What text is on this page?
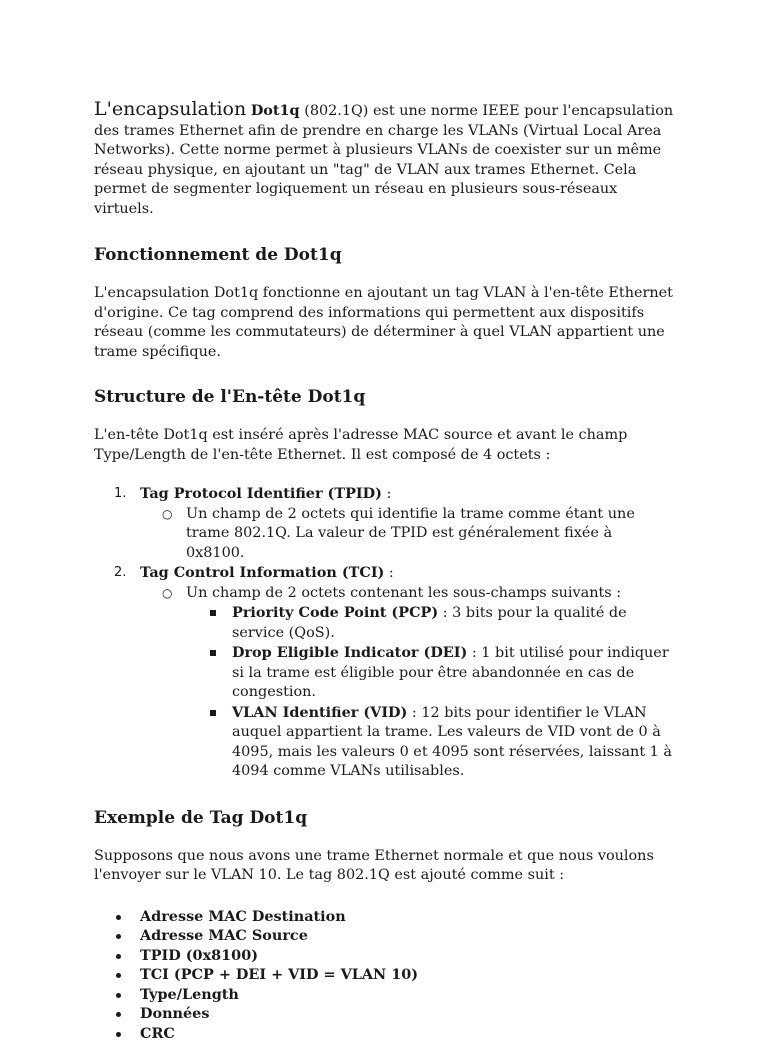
L'encapsulation Dot1q (802.1Q) est une norme IEEE pour l'encapsulation des trames Ethernet afin de prendre en charge les VLANs (Virtual Local Area Networks). Cette norme permet à plusieurs VLANs de coexister sur un même réseau physique, en ajoutant un "tag" de VLAN aux trames Ethernet. Cela permet de segmenter logiquement un réseau en plusieurs sous-réseaux virtuels.

Fonctionnement de Dot1q

L'encapsulation Dot1q fonctionne en ajoutant un tag VLAN à l'en-tête Ethernet d'origine. Ce tag comprend des informations qui permettent aux dispositifs réseau (comme les commutateurs) de déterminer à quel VLAN appartient une trame spécifique.

Structure de l'En-tête Dot1q

L'en-tête Dot1q est inséré après l'adresse MAC source et avant le champ Type/Length de l'en-tête Ethernet. Il est composé de 4 octets :

1. Tag Protocol Identifier (TPID) :
○ Un champ de 2 octets qui identifie la trame comme étant une trame 802.1Q. La valeur de TPID est généralement fixée à 0x8100.
2. Tag Control Information (TCI) :
○ Un champ de 2 octets contenant les sous-champs suivants :
Priority Code Point (PCP) : 3 bits pour la qualité de service (QoS).
Drop Eligible Indicator (DEI) : 1 bit utilisé pour indiquer si la trame est éligible pour être abandonnée en cas de congestion.
VLAN Identifier (VID) : 12 bits pour identifier le VLAN auquel appartient la trame. Les valeurs de VID vont de 0 à 4095, mais les valeurs 0 et 4095 sont réservées, laissant 1 à 4094 comme VLANs utilisables.
Exemple de Tag Dot1q

Supposons que nous avons une trame Ethernet normale et que nous voulons l'envoyer sur le VLAN 10. Le tag 802.1Q est ajouté comme suit :

Adresse MAC Destination
Adresse MAC Source
TPID (0x8100)
TCI (PCP + DEI + VID = VLAN 10)
Type/Length
Données
CRC
